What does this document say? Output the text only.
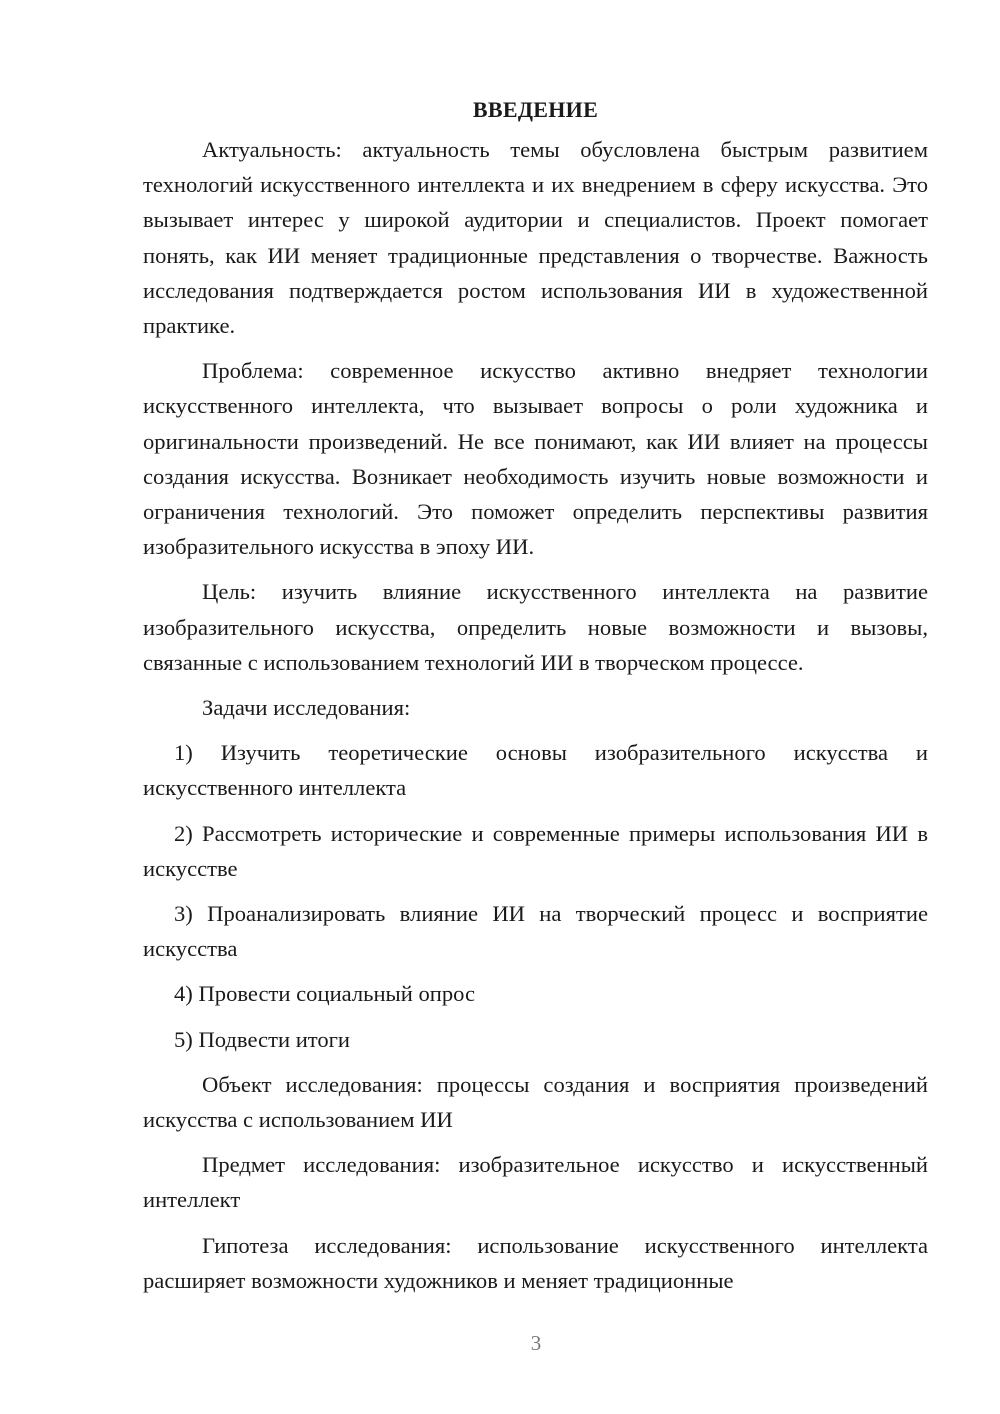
ВВЕДЕНИЕ

Актуальность: актуальность темы обусловлена быстрым развитием технологий искусственного интеллекта и их внедрением в сферу искусства. Это вызывает интерес у широкой аудитории и специалистов. Проект помогает понять, как ИИ меняет традиционные представления о творчестве. Важность исследования подтверждается ростом использования ИИ в художественной практике.

Проблема: современное искусство активно внедряет технологии искусственного интеллекта, что вызывает вопросы о роли художника и оригинальности произведений. Не все понимают, как ИИ влияет на процессы создания искусства. Возникает необходимость изучить новые возможности и ограничения технологий. Это поможет определить перспективы развития изобразительного искусства в эпоху ИИ.

Цель: изучить влияние искусственного интеллекта на развитие изобразительного искусства, определить новые возможности и вызовы, связанные с использованием технологий ИИ в творческом процессе.

Задачи исследования:

1) Изучить теоретические основы изобразительного искусства и искусственного интеллекта

2) Рассмотреть исторические и современные примеры использования ИИ в искусстве

3) Проанализировать влияние ИИ на творческий процесс и восприятие искусства

4) Провести социальный опрос

5) Подвести итоги

Объект исследования: процессы создания и восприятия произведений искусства с использованием ИИ

Предмет исследования: изобразительное искусство и искусственный интеллект

Гипотеза исследования: использование искусственного интеллекта расширяет возможности художников и меняет традиционные

3
